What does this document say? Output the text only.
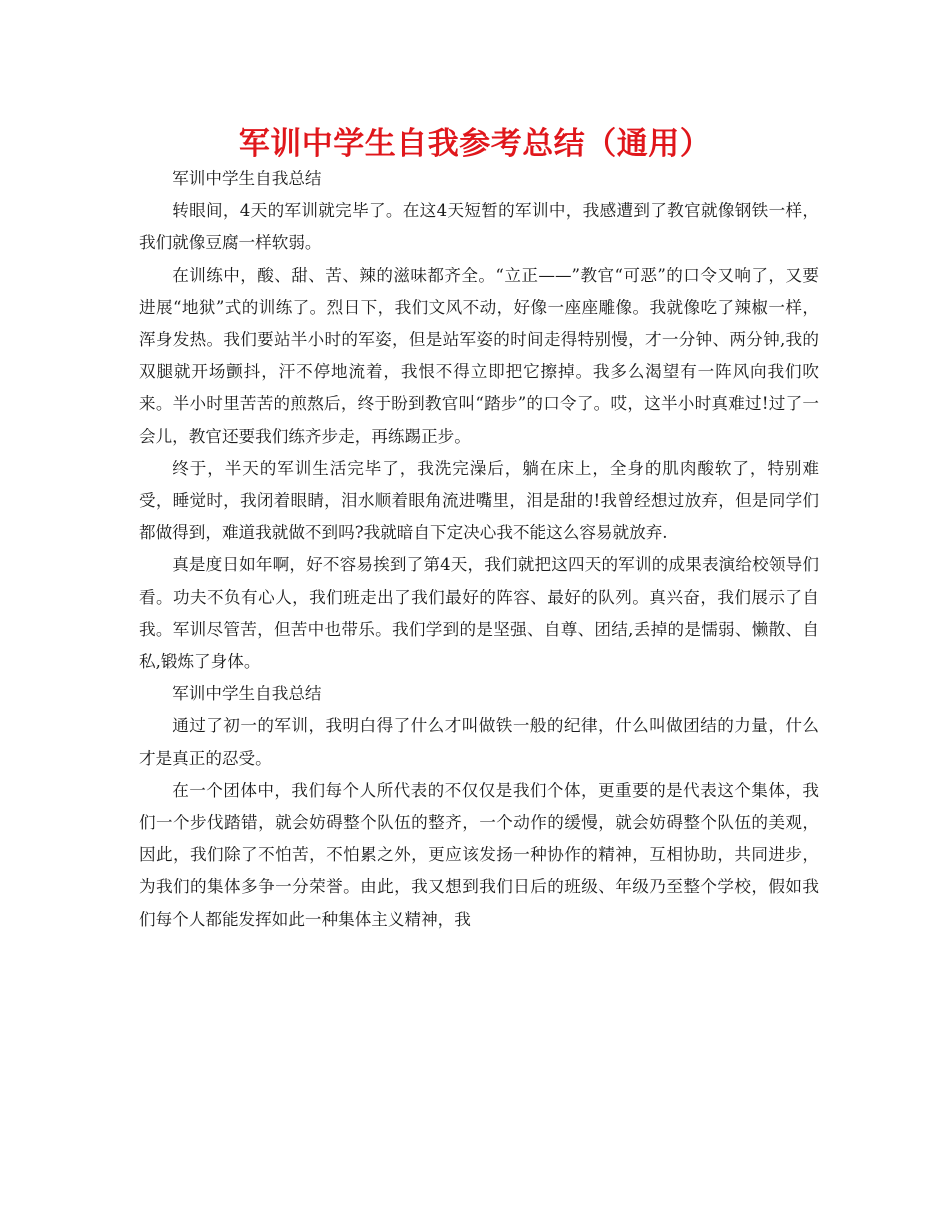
军训中学生自我参考总结（通用）

军训中学生自我总结

转眼间，4天的军训就完毕了。在这4天短暂的军训中，我感遭到了教官就像钢铁一样，我们就像豆腐一样软弱。

在训练中，酸、甜、苦、辣的滋味都齐全。“立正——”教官“可恶”的口令又响了，又要进展“地狱”式的训练了。烈日下，我们文风不动，好像一座座雕像。我就像吃了辣椒一样，浑身发热。我们要站半小时的军姿，但是站军姿的时间走得特别慢，才一分钟、两分钟,我的双腿就开场颤抖，汗不停地流着，我恨不得立即把它擦掉。我多么渴望有一阵风向我们吹来。半小时里苦苦的煎熬后，终于盼到教官叫“踏步”的口令了。哎，这半小时真难过!过了一会儿，教官还要我们练齐步走，再练踢正步。

终于，半天的军训生活完毕了，我洗完澡后，躺在床上，全身的肌肉酸软了，特别难受，睡觉时，我闭着眼睛，泪水顺着眼角流进嘴里，泪是甜的!我曾经想过放弃，但是同学们都做得到，难道我就做不到吗?我就暗自下定决心我不能这么容易就放弃.

真是度日如年啊，好不容易挨到了第4天，我们就把这四天的军训的成果表演给校领导们看。功夫不负有心人，我们班走出了我们最好的阵容、最好的队列。真兴奋，我们展示了自我。军训尽管苦，但苦中也带乐。我们学到的是坚强、自尊、团结,丢掉的是懦弱、懒散、自私,锻炼了身体。

军训中学生自我总结

通过了初一的军训，我明白得了什么才叫做铁一般的纪律，什么叫做团结的力量，什么才是真正的忍受。

在一个团体中，我们每个人所代表的不仅仅是我们个体，更重要的是代表这个集体，我们一个步伐踏错，就会妨碍整个队伍的整齐，一个动作的缓慢，就会妨碍整个队伍的美观，因此，我们除了不怕苦，不怕累之外，更应该发扬一种协作的精神，互相协助，共同进步，为我们的集体多争一分荣誉。由此，我又想到我们日后的班级、年级乃至整个学校，假如我们每个人都能发挥如此一种集体主义精神，我
